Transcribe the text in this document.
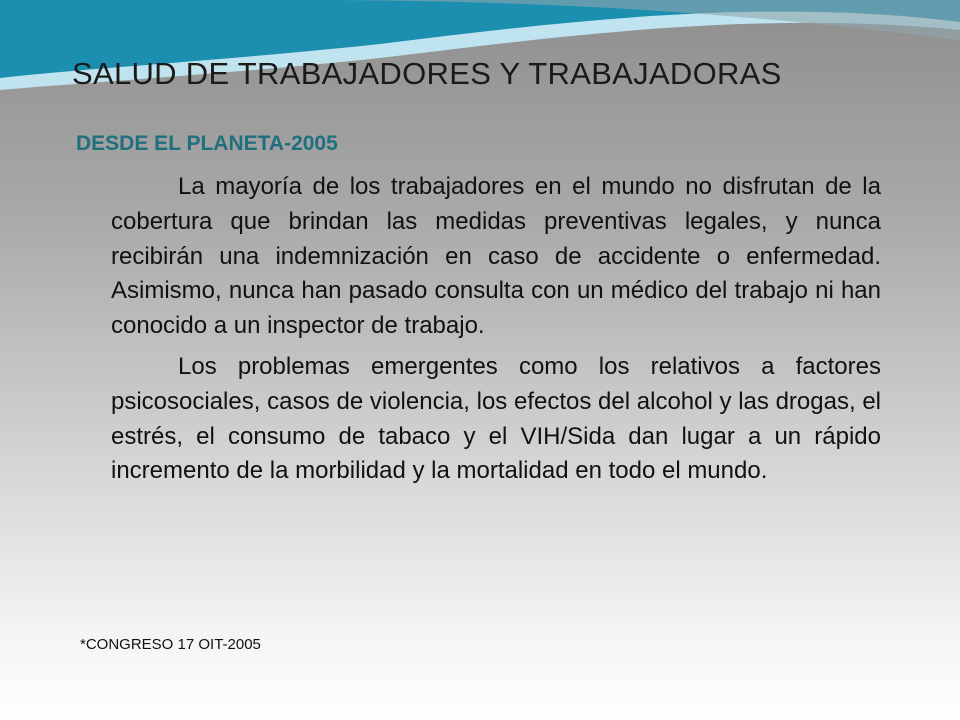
SALUD DE TRABAJADORES Y TRABAJADORAS
DESDE EL PLANETA-2005

La mayoría de los trabajadores en el mundo no disfrutan de la cobertura que brindan las medidas preventivas legales, y nunca recibirán una indemnización en caso de accidente o enfermedad. Asimismo, nunca han pasado consulta con un médico del trabajo ni han conocido a un inspector de trabajo.

Los problemas emergentes como los relativos a factores psicosociales, casos de violencia, los efectos del alcohol y las drogas, el estrés, el consumo de tabaco y el VIH/Sida dan lugar a un rápido incremento de la morbilidad y la mortalidad en todo el mundo.

*CONGRESO 17 OIT-2005
